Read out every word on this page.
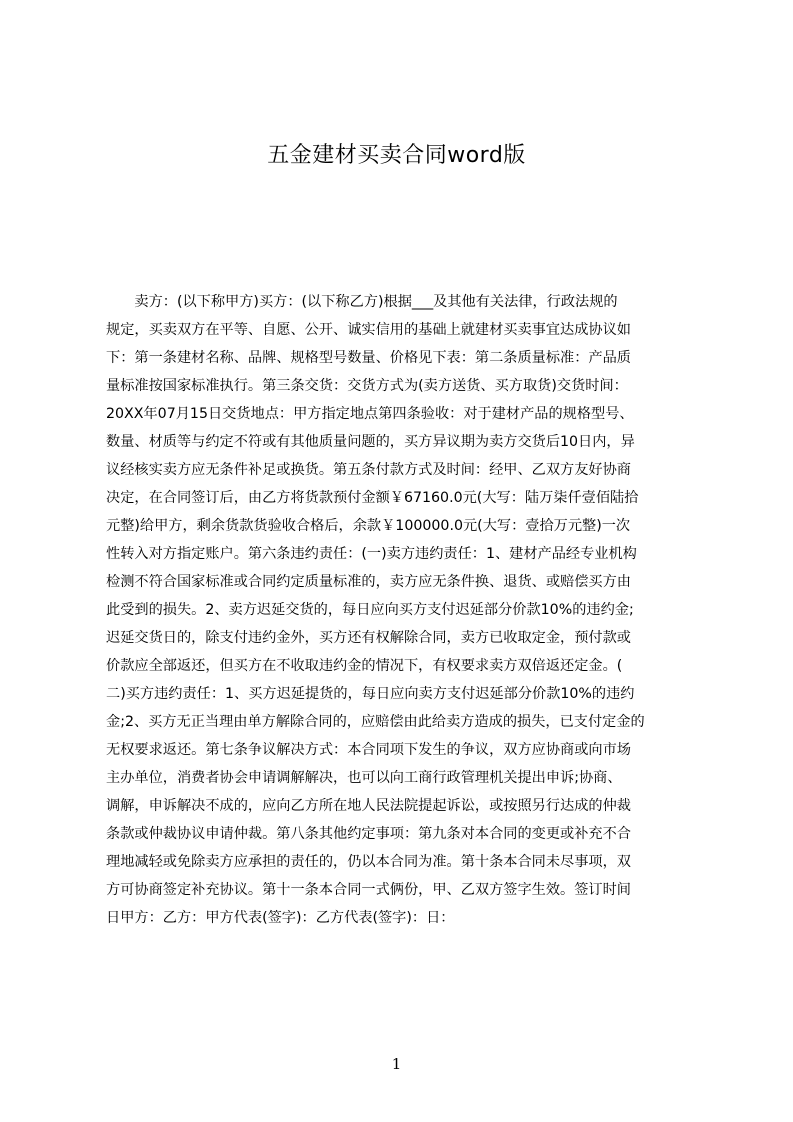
五金建材买卖合同word版
　　卖方：(以下称甲方)买方：(以下称乙方)根据___及其他有关法律，行政法规的
规定，买卖双方在平等、自愿、公开、诚实信用的基础上就建材买卖事宜达成协议如
下：第一条建材名称、品牌、规格型号数量、价格见下表：第二条质量标准：产品质
量标准按国家标准执行。第三条交货：交货方式为(卖方送货、买方取货)交货时间：
20XX年07月15日交货地点：甲方指定地点第四条验收：对于建材产品的规格型号、
数量、材质等与约定不符或有其他质量问题的，买方异议期为卖方交货后10日内，异
议经核实卖方应无条件补足或换货。第五条付款方式及时间：经甲、乙双方友好协商
决定，在合同签订后，由乙方将货款预付金额￥67160.0元(大写：陆万柒仟壹佰陆拾
元整)给甲方，剩余货款货验收合格后，余款￥100000.0元(大写：壹拾万元整)一次
性转入对方指定账户。第六条违约责任：(一)卖方违约责任：1、建材产品经专业机构
检测不符合国家标准或合同约定质量标准的，卖方应无条件换、退货、或赔偿买方由
此受到的损失。2、卖方迟延交货的，每日应向买方支付迟延部分价款10%的违约金;
迟延交货日的，除支付违约金外，买方还有权解除合同，卖方已收取定金，预付款或
价款应全部返还，但买方在不收取违约金的情况下，有权要求卖方双倍返还定金。(
二)买方违约责任：1、买方迟延提货的，每日应向卖方支付迟延部分价款10%的违约
金;2、买方无正当理由单方解除合同的，应赔偿由此给卖方造成的损失，已支付定金的
无权要求返还。第七条争议解决方式：本合同项下发生的争议，双方应协商或向市场
主办单位，消费者协会申请调解解决，也可以向工商行政管理机关提出申诉;协商、
调解，申诉解决不成的，应向乙方所在地人民法院提起诉讼，或按照另行达成的仲裁
条款或仲裁协议申请仲裁。第八条其他约定事项：第九条对本合同的变更或补充不合
理地减轻或免除卖方应承担的责任的，仍以本合同为准。第十条本合同未尽事项，双
方可协商签定补充协议。第十一条本合同一式俩份，甲、乙双方签字生效。签订时间
日甲方：乙方：甲方代表(签字)：乙方代表(签字)：日：
1
